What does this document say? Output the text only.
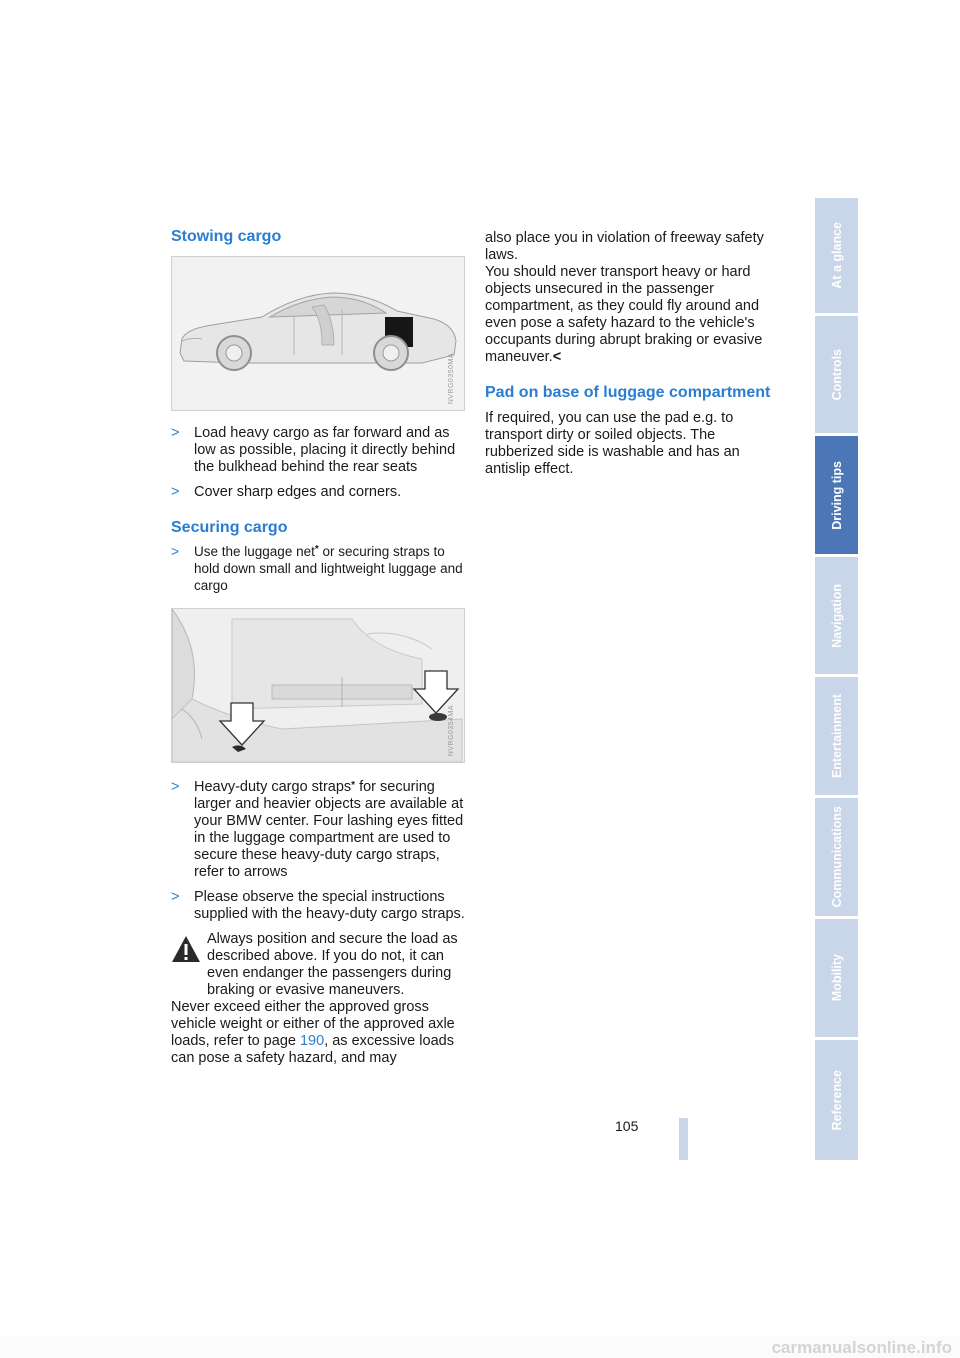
Stowing cargo
NVRG0350MA
> Load heavy cargo as far forward and as low as possible, placing it directly behind the bulkhead behind the rear seats
> Cover sharp edges and corners.
Securing cargo
> Use the luggage net* or securing straps to hold down small and lightweight luggage and cargo
NVRG0354MA
> Heavy-duty cargo straps* for securing larger and heavier objects are available at your BMW center. Four lashing eyes fitted in the luggage compartment are used to secure these heavy-duty cargo straps, refer to arrows
> Please observe the special instructions supplied with the heavy-duty cargo straps.

Always position and secure the load as described above. If you do not, it can even endanger the passengers during braking or evasive maneuvers.

Never exceed either the approved gross vehicle weight or either of the approved axle loads, refer to page 190, as excessive loads can pose a safety hazard, and may

also place you in violation of freeway safety laws.

You should never transport heavy or hard objects unsecured in the passenger compartment, as they could fly around and even pose a safety hazard to the vehicle's occupants during abrupt braking or evasive maneuver.<

Pad on base of luggage compartment

If required, you can use the pad e.g. to transport dirty or soiled objects. The rubberized side is washable and has an antislip effect.

At a glance
Controls
Driving tips
Navigation
Entertainment
Communications
Mobility
Reference
105
carmanualsonline.info
